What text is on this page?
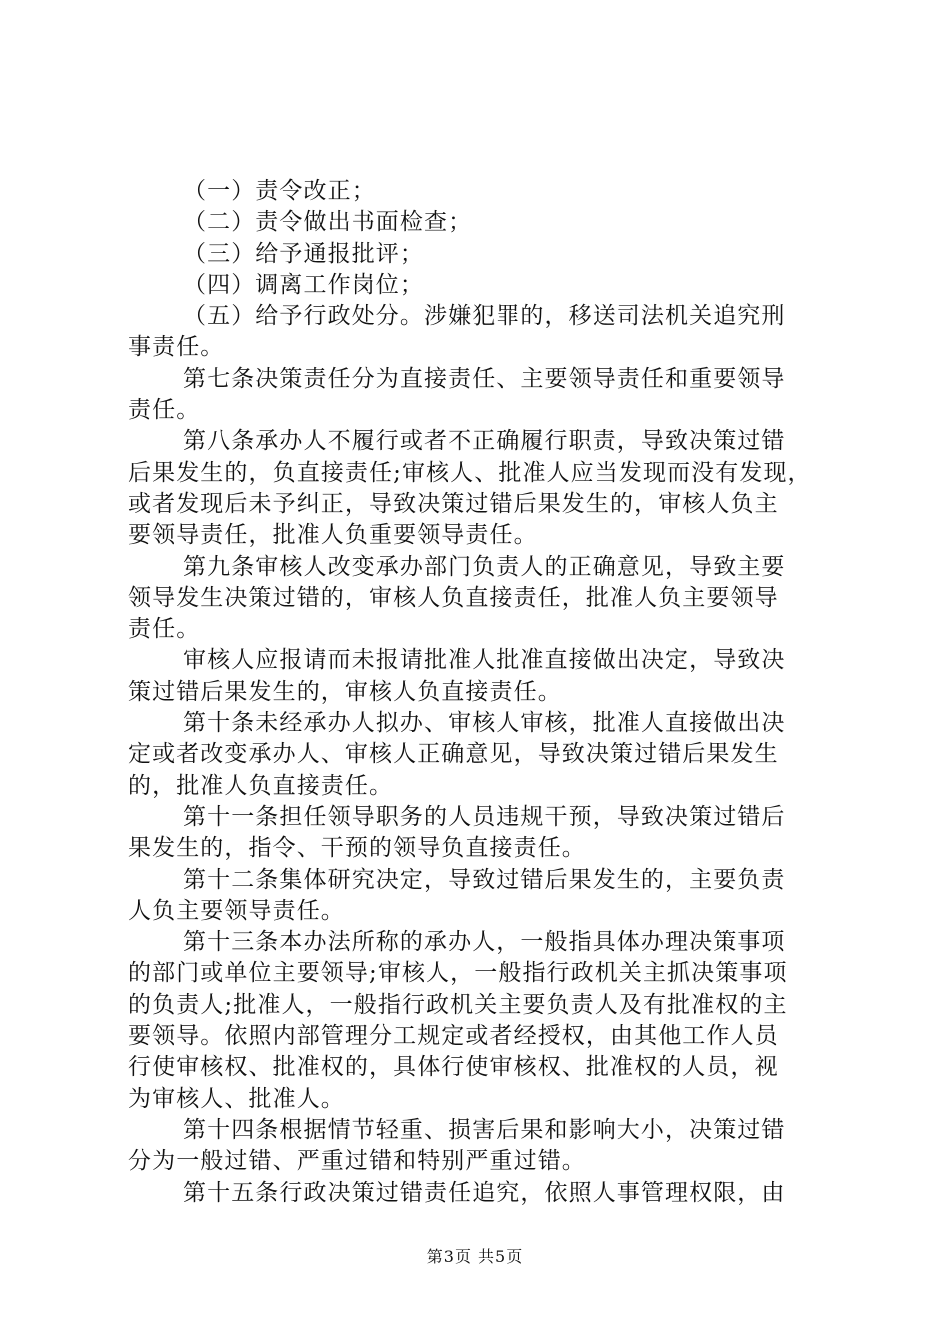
（一）责令改正；
（二）责令做出书面检查；
（三）给予通报批评；
（四）调离工作岗位；
（五）给予行政处分。涉嫌犯罪的，移送司法机关追究刑
事责任。
第七条决策责任分为直接责任、主要领导责任和重要领导
责任。
第八条承办人不履行或者不正确履行职责，导致决策过错
后果发生的，负直接责任;审核人、批准人应当发现而没有发现，
或者发现后未予纠正，导致决策过错后果发生的，审核人负主
要领导责任，批准人负重要领导责任。
第九条审核人改变承办部门负责人的正确意见，导致主要
领导发生决策过错的，审核人负直接责任，批准人负主要领导
责任。
审核人应报请而未报请批准人批准直接做出决定，导致决
策过错后果发生的，审核人负直接责任。
第十条未经承办人拟办、审核人审核，批准人直接做出决
定或者改变承办人、审核人正确意见，导致决策过错后果发生
的，批准人负直接责任。
第十一条担任领导职务的人员违规干预，导致决策过错后
果发生的，指令、干预的领导负直接责任。
第十二条集体研究决定，导致过错后果发生的，主要负责
人负主要领导责任。
第十三条本办法所称的承办人，一般指具体办理决策事项
的部门或单位主要领导;审核人，一般指行政机关主抓决策事项
的负责人;批准人，一般指行政机关主要负责人及有批准权的主
要领导。依照内部管理分工规定或者经授权，由其他工作人员
行使审核权、批准权的，具体行使审核权、批准权的人员，视
为审核人、批准人。
第十四条根据情节轻重、损害后果和影响大小，决策过错
分为一般过错、严重过错和特别严重过错。
第十五条行政决策过错责任追究，依照人事管理权限，由
第3页 共5页
